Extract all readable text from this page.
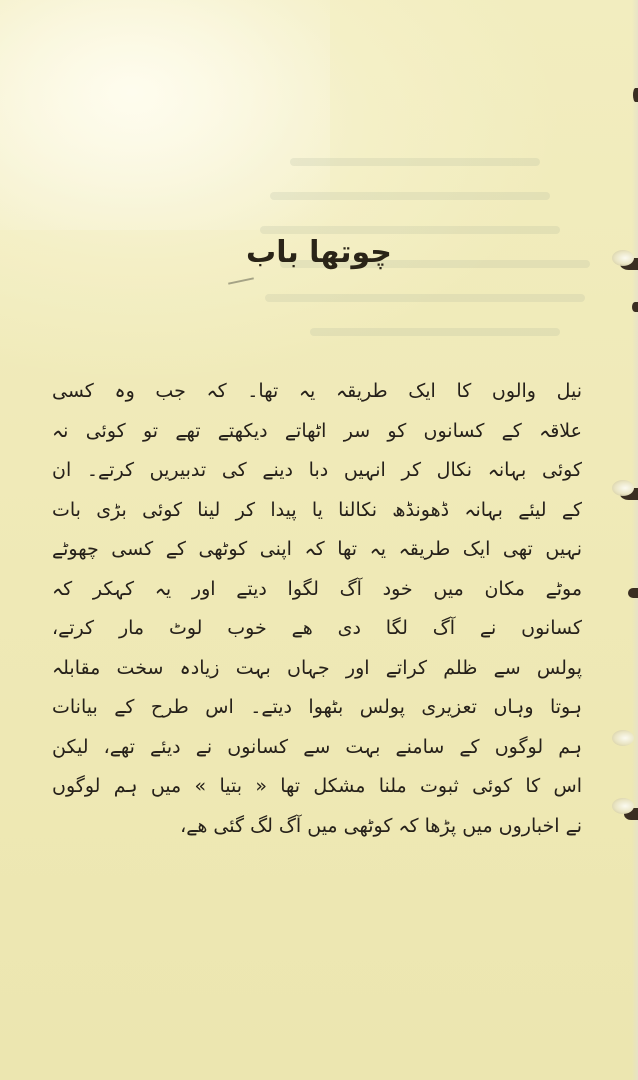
چوتھا باب
نیل والوں کا ایک طریقہ یہ تھا۔ کہ جب وہ کسی
علاقہ کے کسانوں کو سر اٹھاتے دیکھتے تھے تو کوئی نہ
کوئی بہانہ نکال کر انہیں دبا دینے کی تدبیریں کرتے۔ ان
کے لیئے بہانہ ڈھونڈھ نکالنا یا پیدا کر لینا کوئی بڑی بات
نہیں تھی ایک طریقہ یہ تھا کہ اپنی کوٹھی کے کسی چھوٹے
موٹے مکان میں خود آگ لگوا دیتے اور یہ کہکر کہ
کسانوں نے آگ لگا دی ھے خوب لوٹ مار کرتے،
پولس سے ظلم کراتے اور جہاں بہت زیادہ سخت مقابلہ
ہوتا وہاں تعزیری پولس بٹھوا دیتے۔ اس طرح کے بیانات
ہم لوگوں کے سامنے بہت سے کسانوں نے دیئے تھے، لیکن
اس کا کوئی ثبوت ملنا مشکل تھا « بتیا » میں ہم لوگوں
نے اخباروں میں پڑھا کہ کوٹھی میں آگ لگ گئی ھے،
